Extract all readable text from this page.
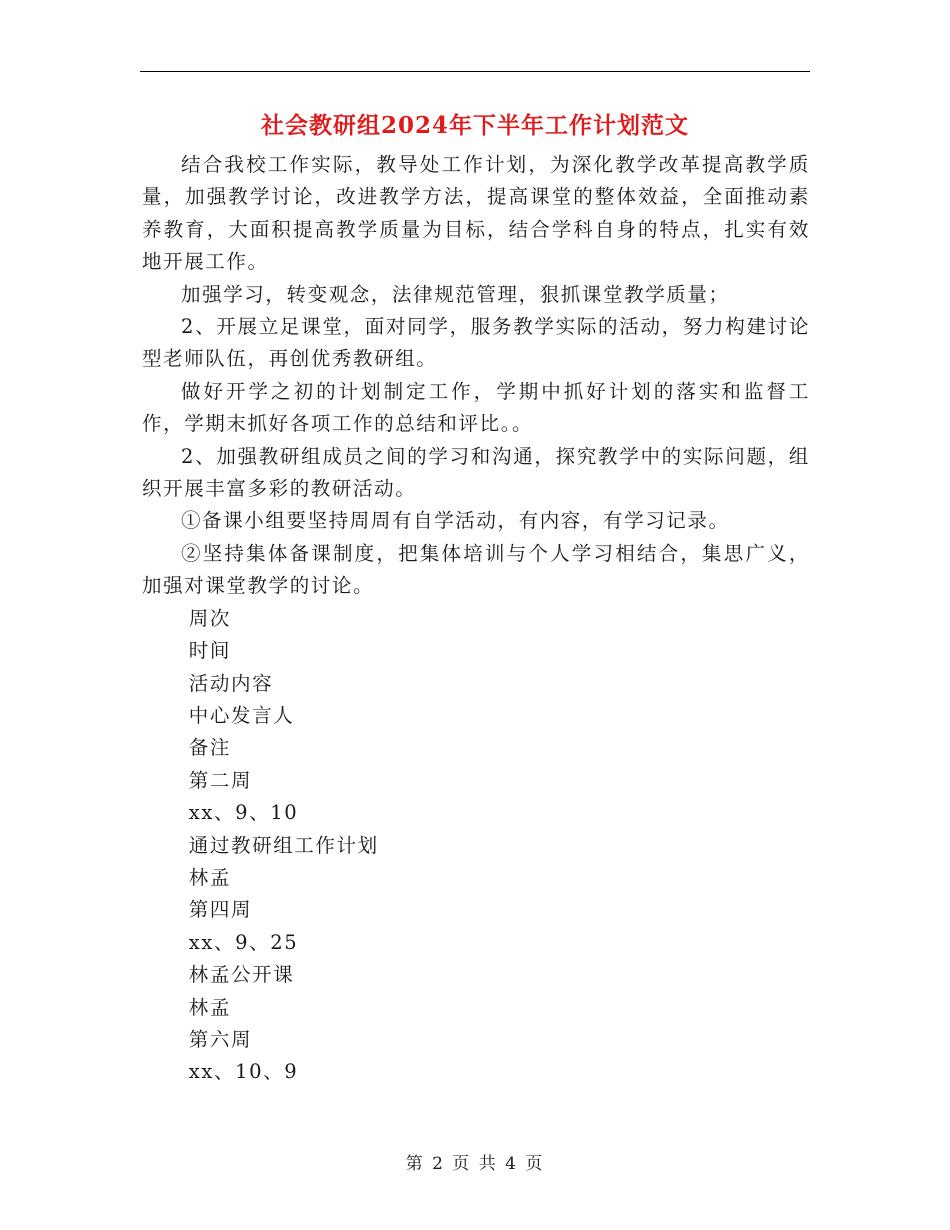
社会教研组2024年下半年工作计划范文

结合我校工作实际，教导处工作计划，为深化教学改革提高教学质量，加强教学讨论，改进教学方法，提高课堂的整体效益，全面推动素养教育，大面积提高教学质量为目标，结合学科自身的特点，扎实有效地开展工作。

加强学习，转变观念，法律规范管理，狠抓课堂教学质量；

2、开展立足课堂，面对同学，服务教学实际的活动，努力构建讨论型老师队伍，再创优秀教研组。

做好开学之初的计划制定工作，学期中抓好计划的落实和监督工作，学期末抓好各项工作的总结和评比。。

2、加强教研组成员之间的学习和沟通，探究教学中的实际问题，组织开展丰富多彩的教研活动。

①备课小组要坚持周周有自学活动，有内容，有学习记录。

②坚持集体备课制度，把集体培训与个人学习相结合，集思广义，加强对课堂教学的讨论。

周次

时间

活动内容

中心发言人

备注

第二周

xx、9、10

通过教研组工作计划

林孟

第四周

xx、9、25

林孟公开课

林孟

第六周

xx、10、9

第 2 页 共 4 页
